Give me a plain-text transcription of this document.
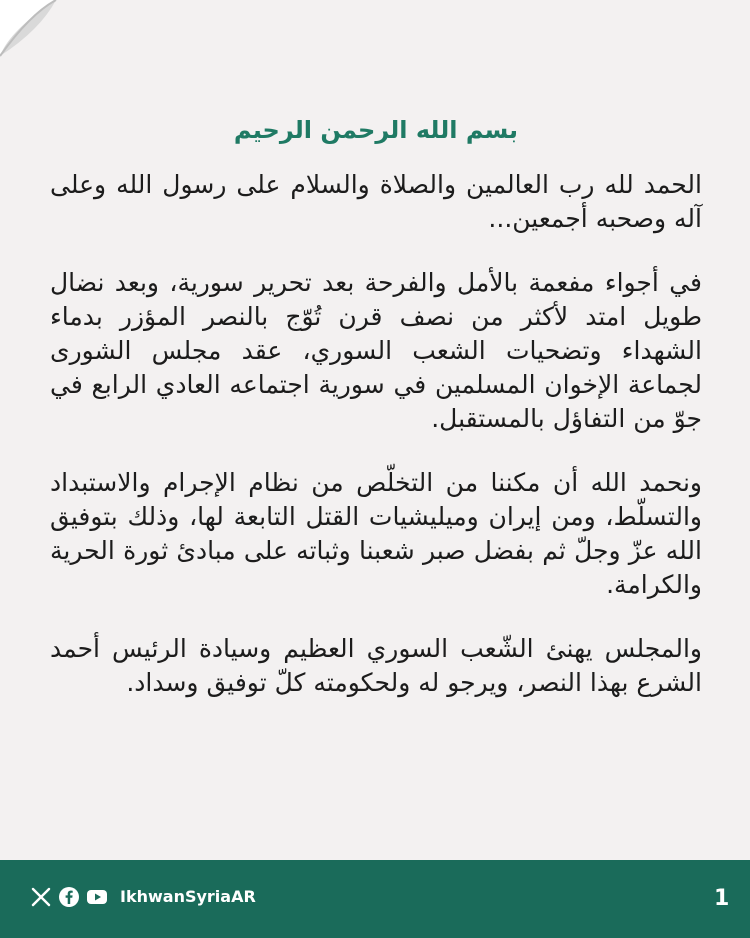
بسم الله الرحمن الرحيم

الحمد لله رب العالمين والصلاة والسلام على رسول الله وعلى آله وصحبه أجمعين...

في أجواء مفعمة بالأمل والفرحة بعد تحرير سورية، وبعد نضال طويل امتد لأكثر من نصف قرن تُوّج بالنصر المؤزر بدماء الشهداء وتضحيات الشعب السوري، عقد مجلس الشورى لجماعة الإخوان المسلمين في سورية اجتماعه العادي الرابع في جوّ من التفاؤل بالمستقبل.

ونحمد الله أن مكننا من التخلّص من نظام الإجرام والاستبداد والتسلّط، ومن إيران وميليشيات القتل التابعة لها، وذلك بتوفيق الله عزّ وجلّ ثم بفضل صبر شعبنا وثباته على مبادئ ثورة الحرية والكرامة.

والمجلس يهنئ الشّعب السوري العظيم وسيادة الرئيس أحمد الشرع بهذا النصر، ويرجو له ولحكومته كلّ توفيق وسداد.

IkhwanSyriaAR	1
